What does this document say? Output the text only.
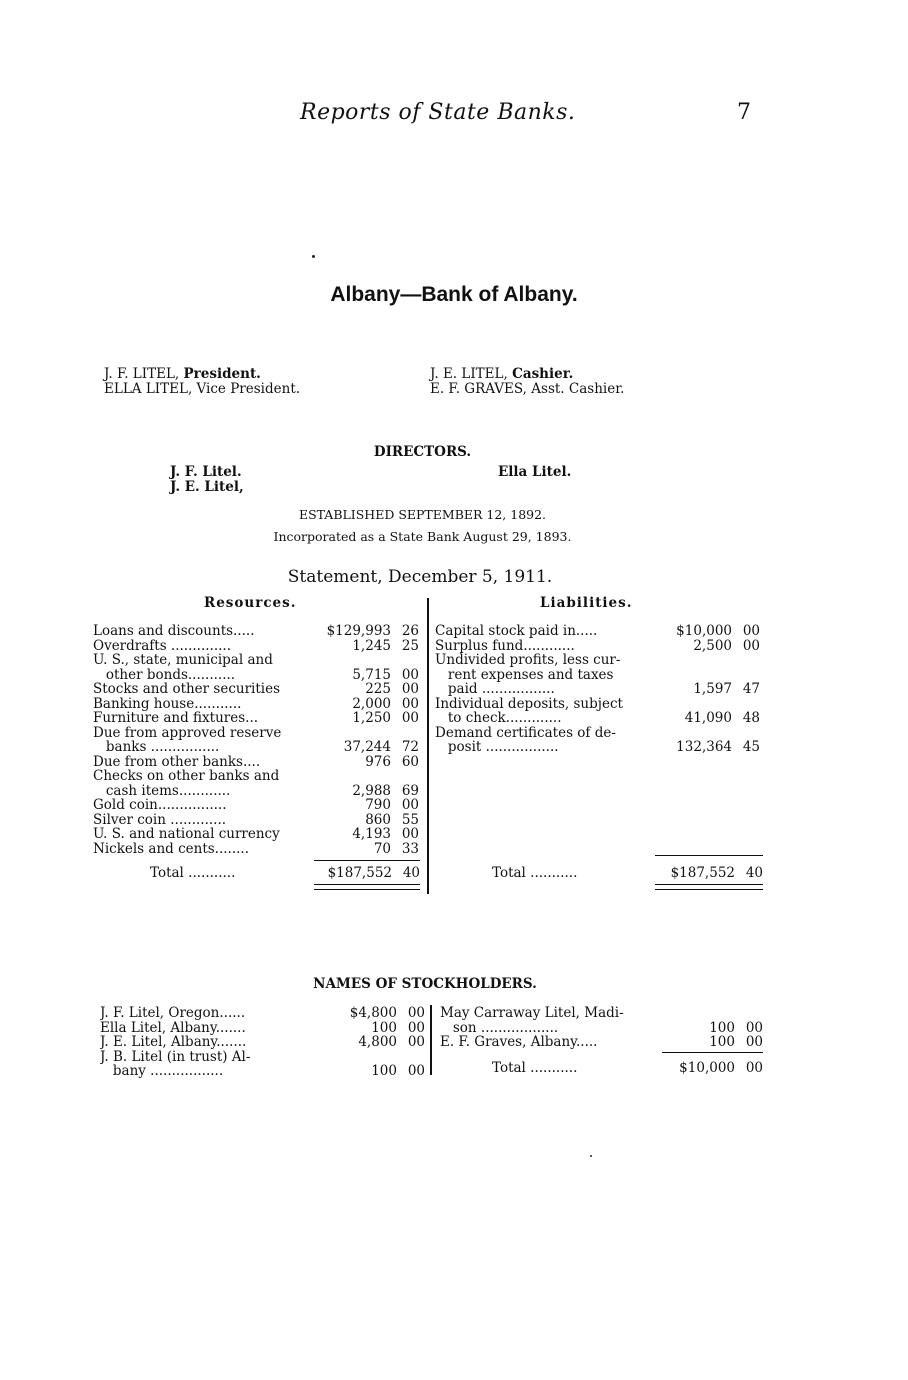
Reports of State Banks.	7
Albany—Bank of Albany.
J. F. LITEL, President.
ELLA LITEL, Vice President.
J. E. LITEL, Cashier.
E. F. GRAVES, Asst. Cashier.
DIRECTORS.
J. F. Litel.
J. E. Litel,
Ella Litel.
ESTABLISHED SEPTEMBER 12, 1892.
Incorporated as a State Bank August 29, 1893.
Statement, December 5, 1911.
Resources.	Liabilities.
Loans and discounts.....	$129,993 26
Overdrafts ..............	1,245 25
U. S., state, municipal and
other bonds...........	5,715 00
Stocks and other securities	225 00
Banking house...........	2,000 00
Furniture and fixtures...	1,250 00
Due from approved reserve
banks ................	37,244 72
Due from other banks....	976 60
Checks on other banks and
cash items............	2,988 69
Gold coin................	790 00
Silver coin .............	860 55
U. S. and national currency	4,193 00
Nickels and cents........	70 33
Total ...........	$187,552 40
Capital stock paid in.....	$10,000 00
Surplus fund............	2,500 00
Undivided profits, less cur-
rent expenses and taxes
paid .................	1,597 47
Individual deposits, subject
to check.............	41,090 48
Demand certificates of de-
posit .................	132,364 45
Total ...........	$187,552 40
NAMES OF STOCKHOLDERS.
J. F. Litel, Oregon......	$4,800 00
Ella Litel, Albany.......	100 00
J. E. Litel, Albany.......	4,800 00
J. B. Litel (in trust) Al-
bany .................	100 00
May Carraway Litel, Madi-
son ..................	100 00
E. F. Graves, Albany.....	100 00
Total ...........	$10,000 00
